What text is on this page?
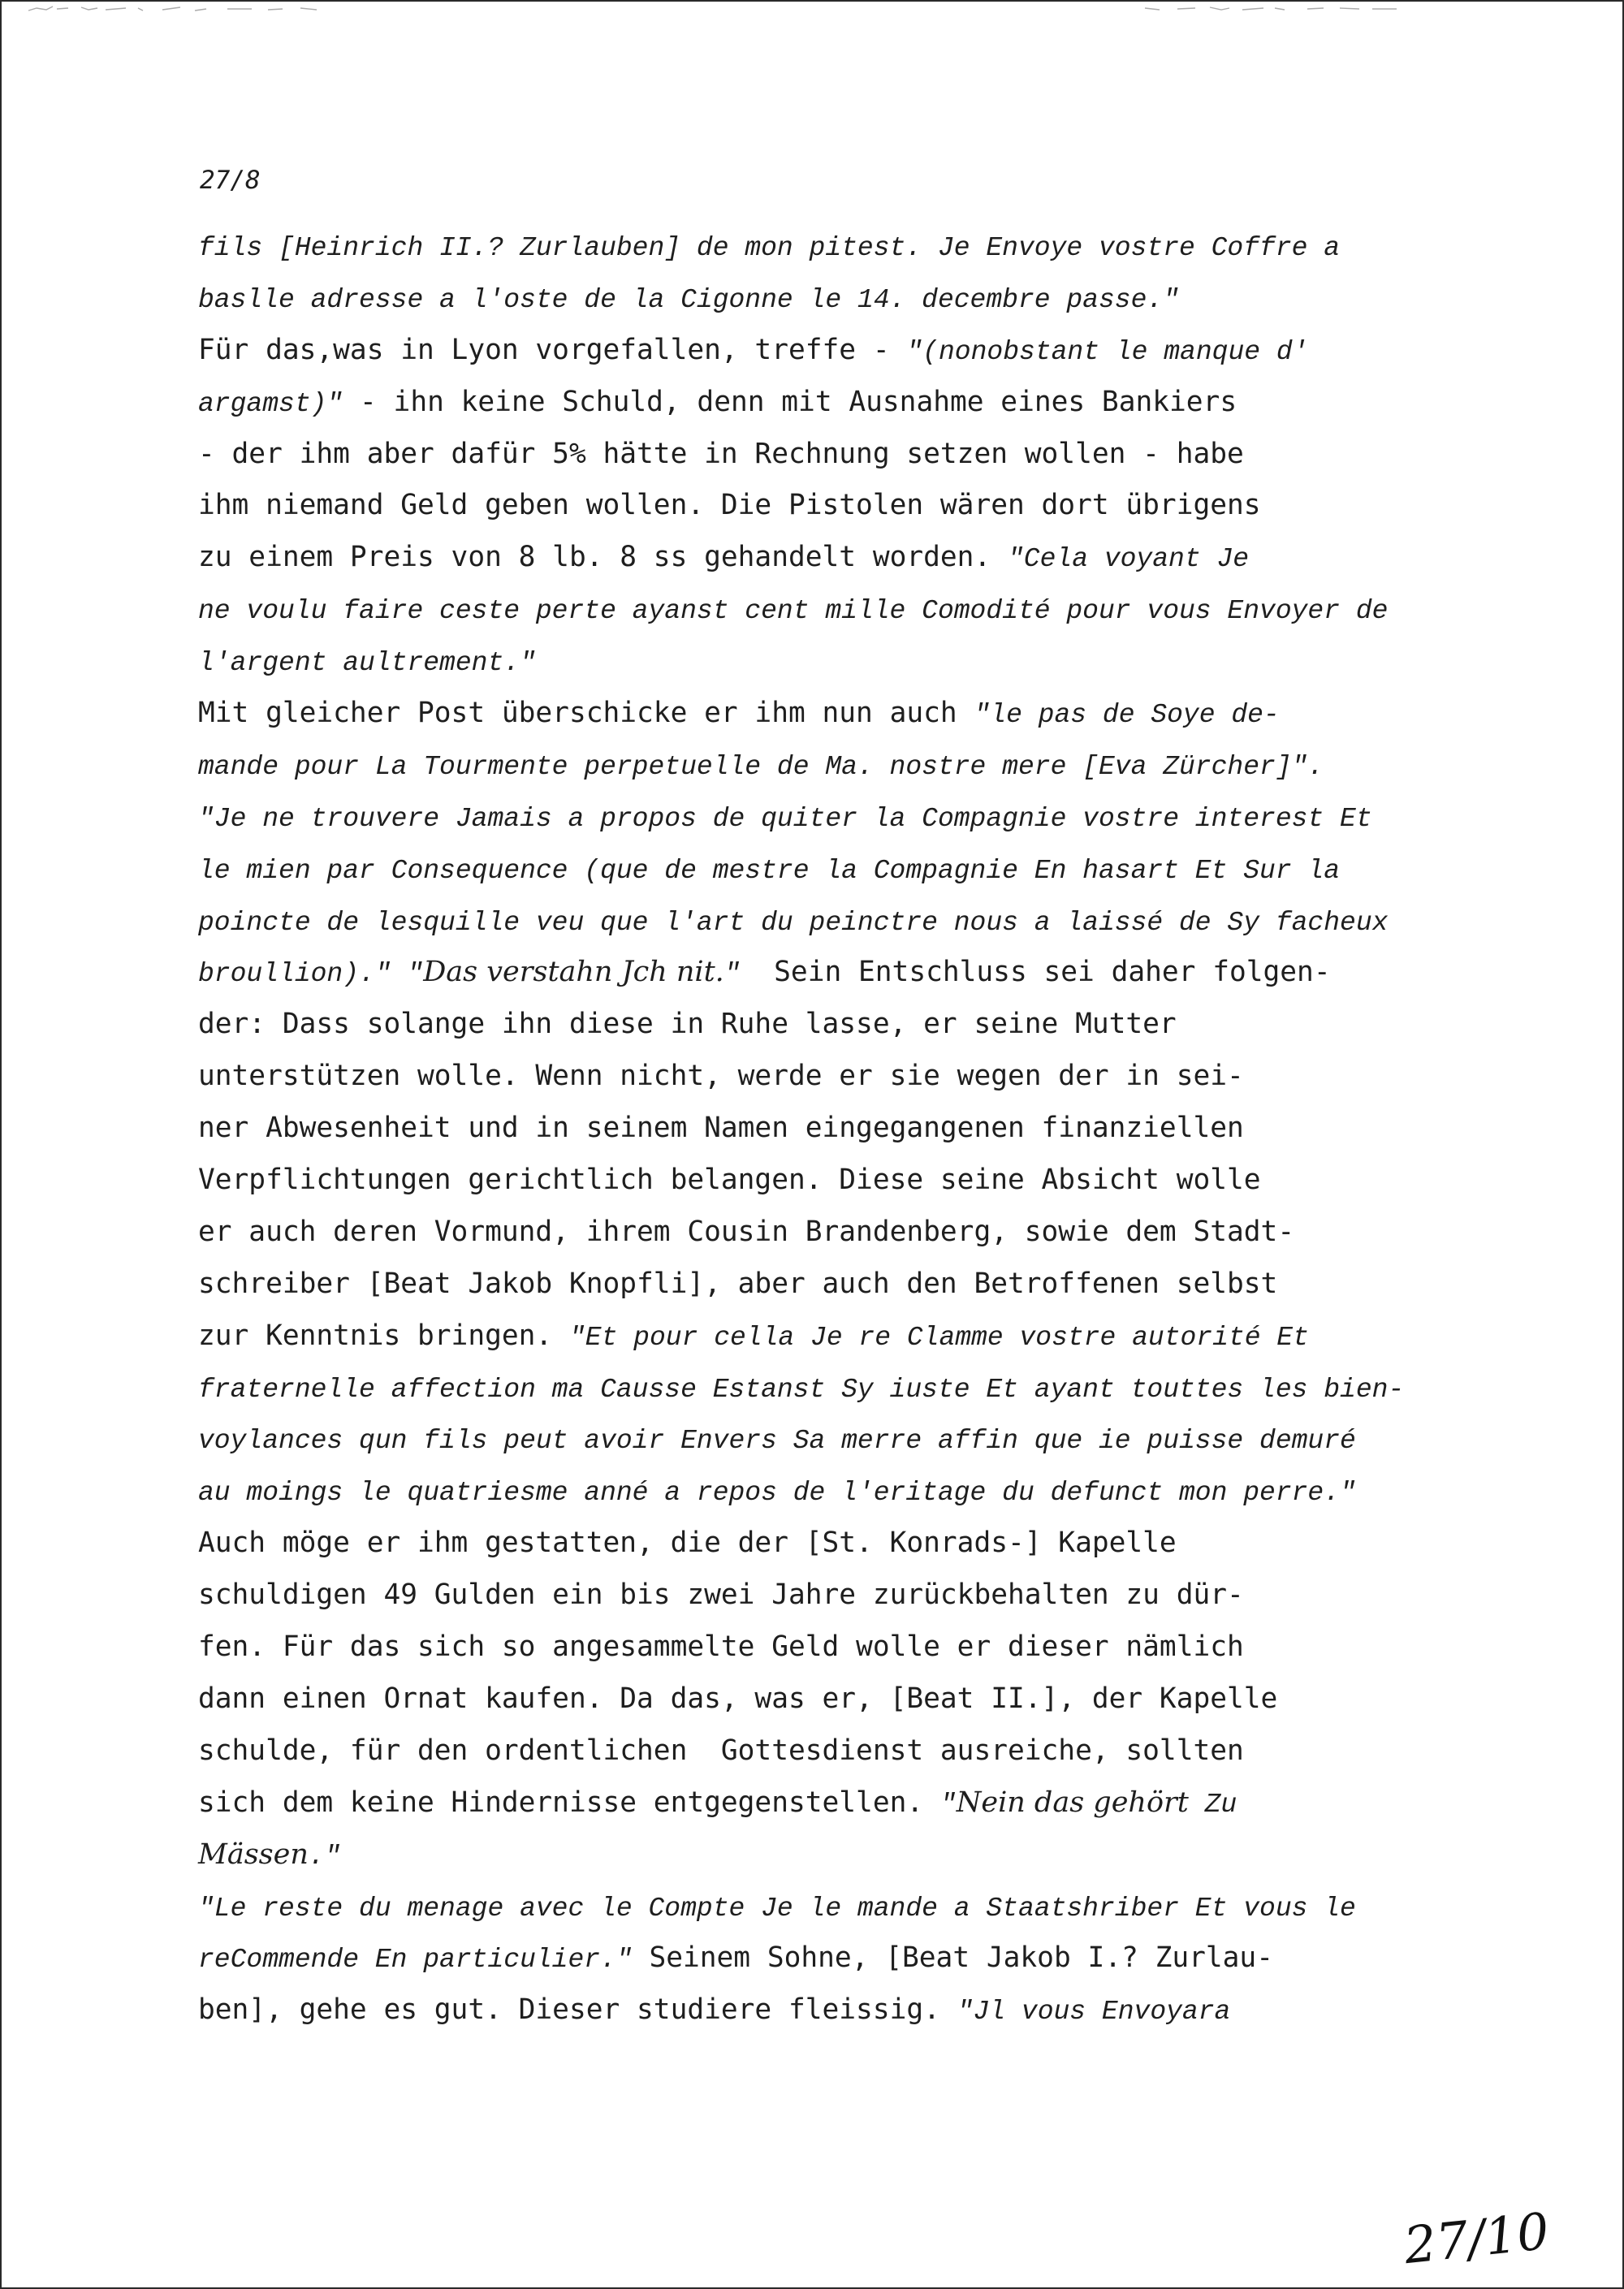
27/8

fils [Heinrich II.? Zurlauben] de mon pitest. Je Envoye vostre Coffre a
baslle adresse a l'oste de la Cigonne le 14. decembre passe."
Für das,was in Lyon vorgefallen, treffe - "(nonobstant le manque d'
argamst)" - ihn keine Schuld, denn mit Ausnahme eines Bankiers
- der ihm aber dafür 5% hätte in Rechnung setzen wollen - habe
ihm niemand Geld geben wollen. Die Pistolen wären dort übrigens
zu einem Preis von 8 lb. 8 ss gehandelt worden. "Cela voyant Je
ne voulu faire ceste perte ayanst cent mille Comodité pour vous Envoyer de
l'argent aultrement."
Mit gleicher Post überschicke er ihm nun auch "le pas de Soye de-
mande pour La Tourmente perpetuelle de Ma. nostre mere [Eva Zürcher]".
"Je ne trouvere Jamais a propos de quiter la Compagnie vostre interest Et
le mien par Consequence (que de mestre la Compagnie En hasart Et Sur la
poincte de lesquille veu que l'art du peinctre nous a laissé de Sy facheux
broullion)." "Das verstahn Jch nit."  Sein Entschluss sei daher folgen-
der: Dass solange ihn diese in Ruhe lasse, er seine Mutter
unterstützen wolle. Wenn nicht, werde er sie wegen der in sei-
ner Abwesenheit und in seinem Namen eingegangenen finanziellen
Verpflichtungen gerichtlich belangen. Diese seine Absicht wolle
er auch deren Vormund, ihrem Cousin Brandenberg, sowie dem Stadt-
schreiber [Beat Jakob Knopfli], aber auch den Betroffenen selbst
zur Kenntnis bringen. "Et pour cella Je re Clamme vostre autorité Et
fraternelle affection ma Causse Estanst Sy iuste Et ayant touttes les bien-
voylances qun fils peut avoir Envers Sa merre affin que ie puisse demuré
au moings le quatriesme anné a repos de l'eritage du defunct mon perre."
Auch möge er ihm gestatten, die der [St. Konrads-] Kapelle
schuldigen 49 Gulden ein bis zwei Jahre zurückbehalten zu dür-
fen. Für das sich so angesammelte Geld wolle er dieser nämlich
dann einen Ornat kaufen. Da das, was er, [Beat II.], der Kapelle
schulde, für den ordentlichen  Gottesdienst ausreiche, sollten
sich dem keine Hindernisse entgegenstellen. "Nein das gehört Zu
Mässen."
"Le reste du menage avec le Compte Je le mande a Staatshriber Et vous le
reCommende En particulier." Seinem Sohne, [Beat Jakob I.? Zurlau-
ben], gehe es gut. Dieser studiere fleissig. "Jl vous Envoyara

27/10
